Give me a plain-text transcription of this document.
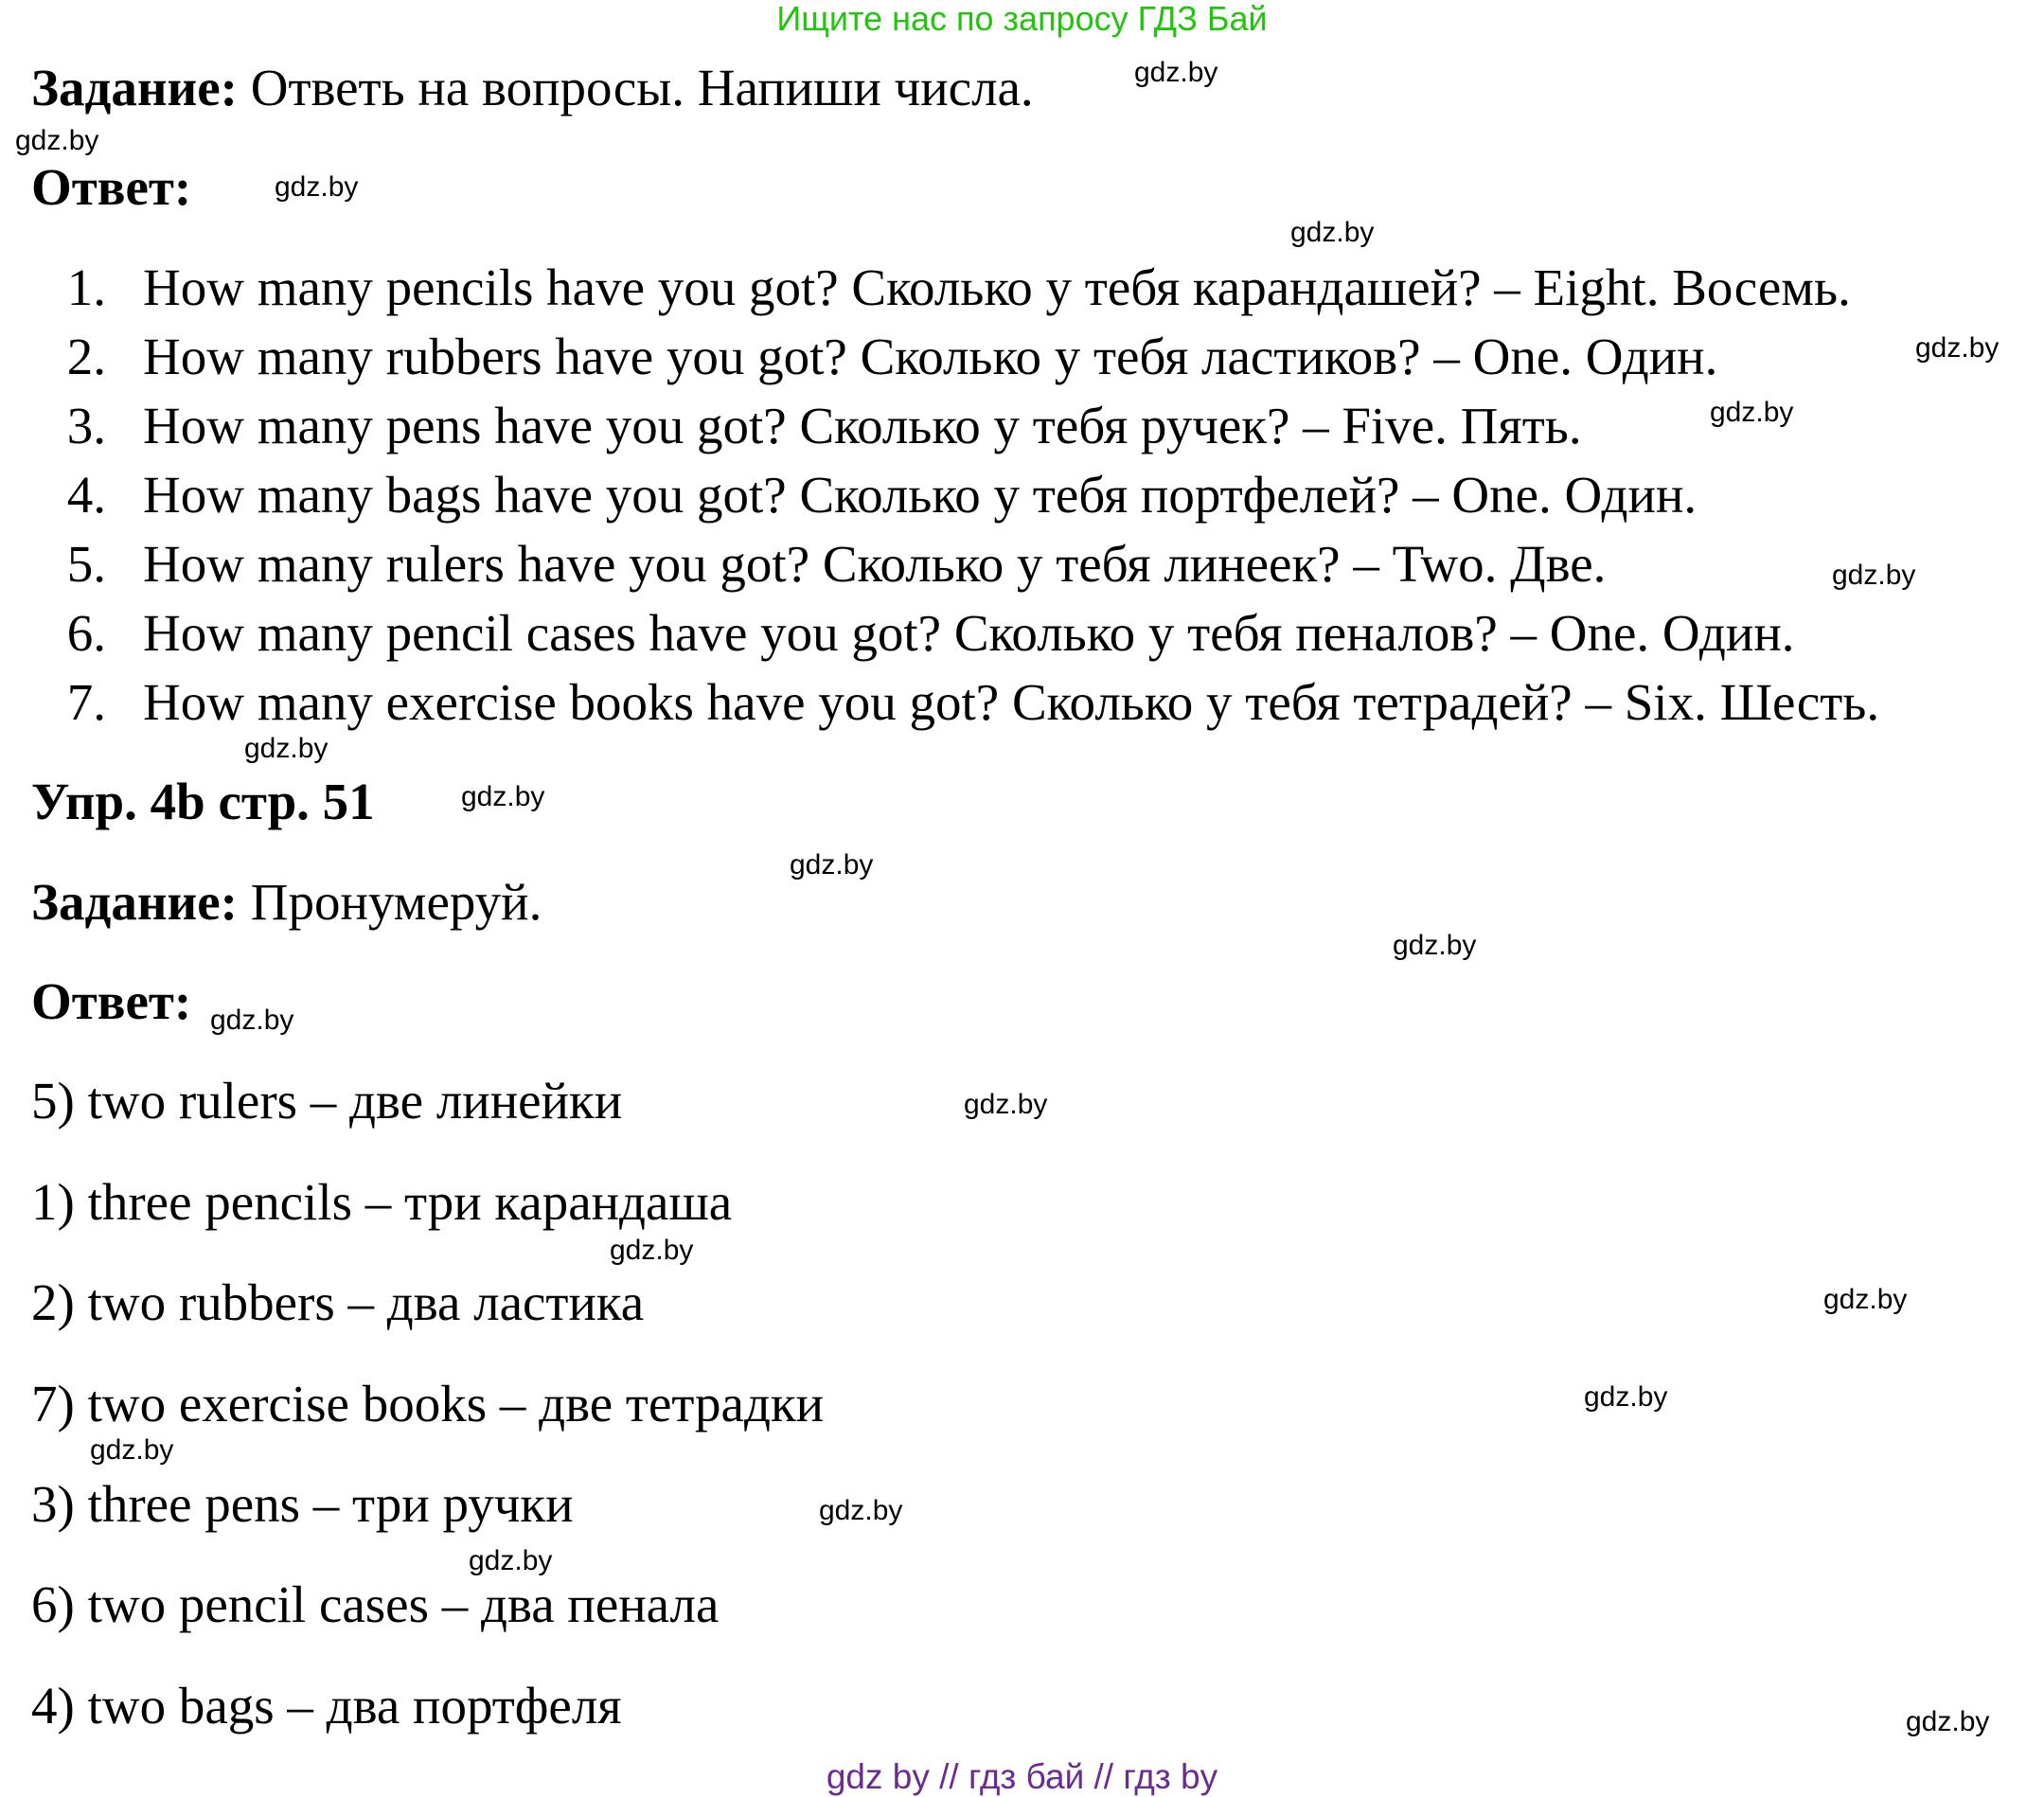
Ищите нас по запросу ГДЗ Бай
Задание: Ответь на вопросы. Напиши числа.
Ответ:
1. How many pencils have you got? Сколько у тебя карандашей? – Eight. Восемь.
2. How many rubbers have you got? Сколько у тебя ластиков? – One. Один.
3. How many pens have you got? Сколько у тебя ручек? – Five. Пять.
4. How many bags have you got? Сколько у тебя портфелей? – One. Один.
5. How many rulers have you got? Сколько у тебя линеек? – Two. Две.
6. How many pencil cases have you got? Сколько у тебя пеналов? – One. Один.
7. How many exercise books have you got? Сколько у тебя тетрадей? – Six. Шесть.
Упр. 4b стр. 51
Задание: Пронумеруй.
Ответ:
5) two rulers – две линейки
1) three pencils – три карандаша
2) two rubbers – два ластика
7) two exercise books – две тетрадки
3) three pens – три ручки
6) two pencil cases – два пенала
4) two bags – два портфеля
gdz.by
gdz.by
gdz.by
gdz.by
gdz.by
gdz.by
gdz.by
gdz.by
gdz.by
gdz.by
gdz.by
gdz.by
gdz.by
gdz.by
gdz.by
gdz.by
gdz.by
gdz.by
gdz.by
gdz.by
gdz by // гдз бай // гдз by
